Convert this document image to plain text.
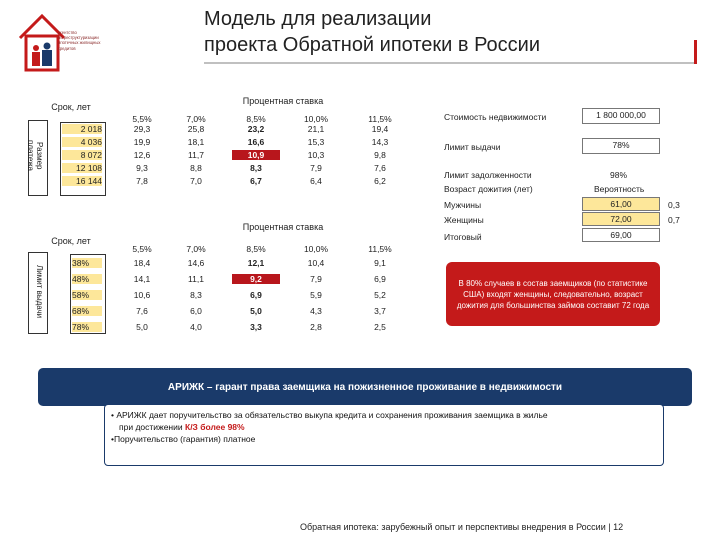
агентство
по реструктуризации
ипотечных жилищных
кредитов
Модель для реализации
проекта Обратной ипотеки в России
Срок, лет
Процентная ставка
Размер платежа
5,5%	7,0%	8,5%	10,0%	11,5%
2 018	29,3	25,8	23,2	21,1	19,4
4 036	19,9	18,1	16,6	15,3	14,3
8 072	12,6	11,7	10,9	10,3	9,8
12 108	9,3	8,8	8,3	7,9	7,6
16 144	7,8	7,0	6,7	6,4	6,2
Процентная ставка
Срок, лет
Лимит выдачи
5,5%	7,0%	8,5%	10,0%	11,5%
38%	18,4	14,6	12,1	10,4	9,1
48%	14,1	11,1	9,2	7,9	6,9
58%	10,6	8,3	6,9	5,9	5,2
68%	7,6	6,0	5,0	4,3	3,7
78%	5,0	4,0	3,3	2,8	2,5
Стоимость недвижимости	1 800 000,00
Лимит выдачи	78%
Лимит задолженности	98%
Возраст дожития (лет)	Вероятность
Мужчины	61,00	0,3
Женщины	72,00	0,7
Итоговый	69,00
В 80% случаев в состав заемщиков (по статистике США) входят женщины, следовательно, возраст дожития для большинства займов составит 72 года
АРИЖК – гарант права заемщика на пожизненное проживание в недвижимости
• АРИЖК дает поручительство за обязательство выкупа кредита и сохранения проживания заемщика в жилье
при достижении К/З более 98%
•Поручительство (гарантия) платное
Обратная ипотека: зарубежный опыт и перспективы внедрения в России | 12
